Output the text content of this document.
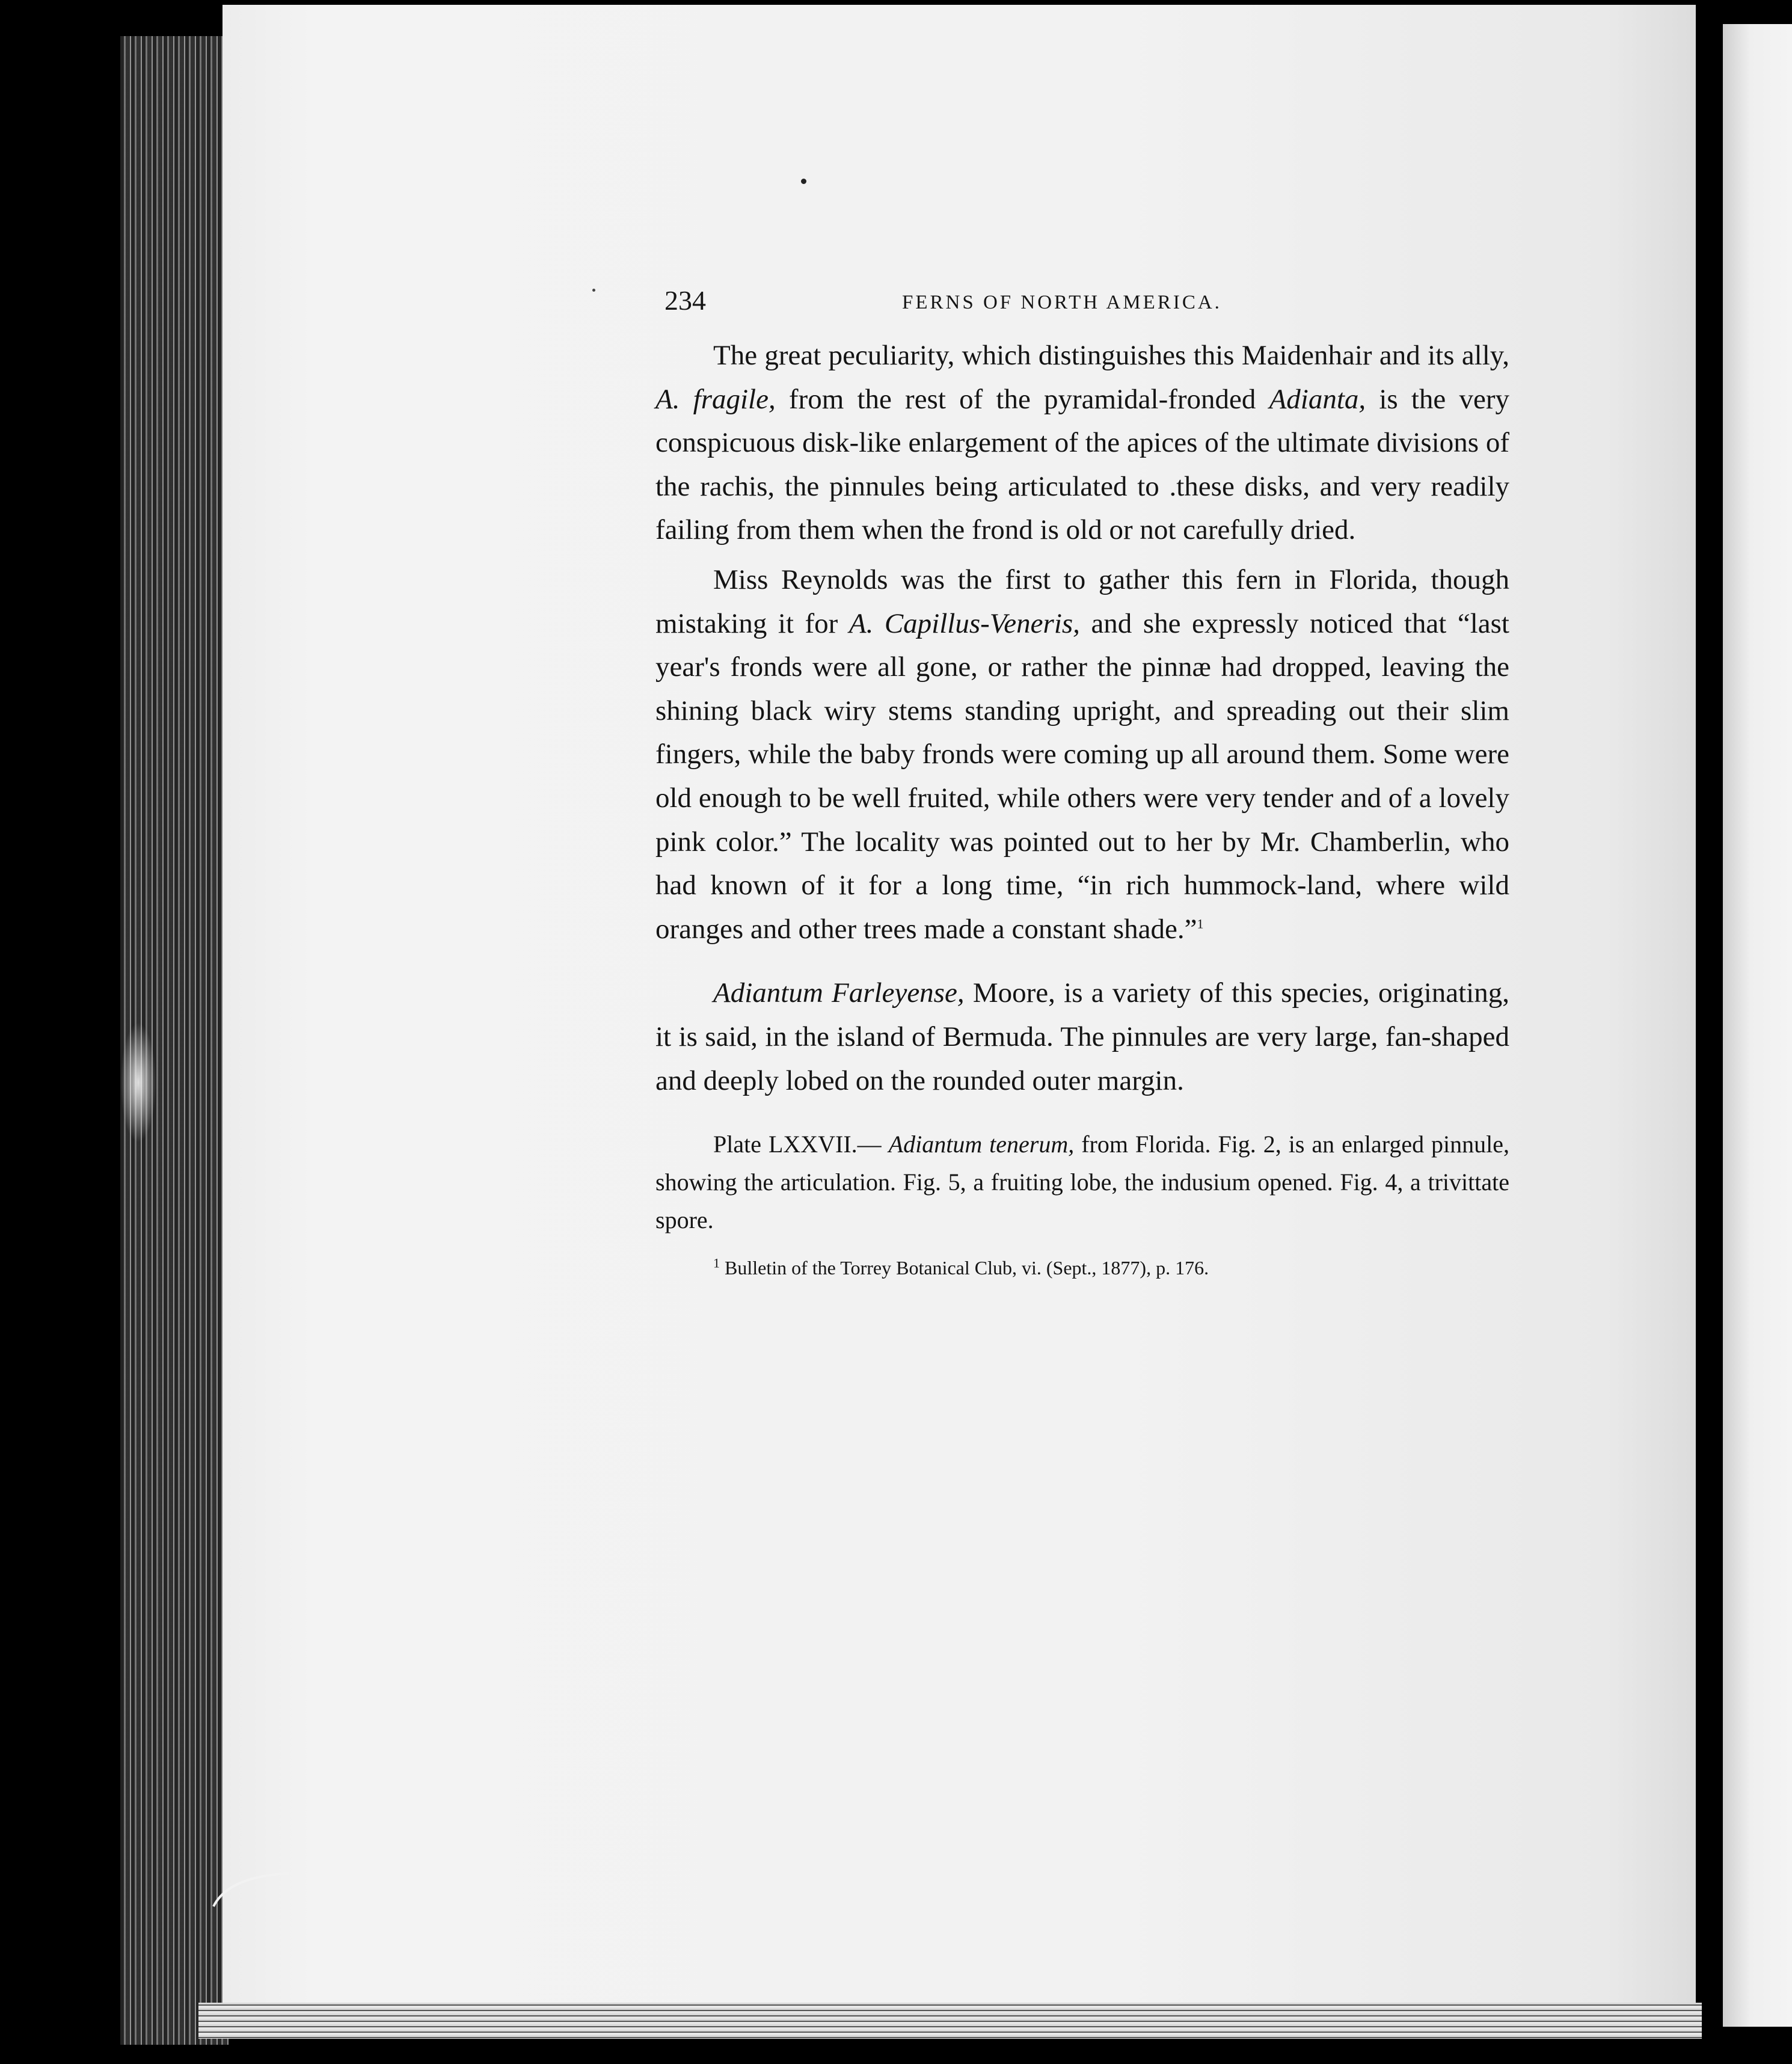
234	FERNS OF NORTH AMERICA.

The great peculiarity, which distinguishes this Maidenhair and its ally, A. fragile, from the rest of the pyramidal-fronded Adianta, is the very conspicuous disk-like enlargement of the apices of the ultimate divisions of the rachis, the pinnules being articulated to .these disks, and very readily failing from them when the frond is old or not carefully dried.

Miss Reynolds was the first to gather this fern in Florida, though mistaking it for A. Capillus-Veneris, and she expressly noticed that “last year's fronds were all gone, or rather the pinnæ had dropped, leaving the shining black wiry stems standing upright, and spreading out their slim fingers, while the baby fronds were coming up all around them. Some were old enough to be well fruited, while others were very tender and of a lovely pink color.” The locality was pointed out to her by Mr. Chamberlin, who had known of it for a long time, “in rich hummock-land, where wild oranges and other trees made a constant shade.”$^1$

Adiantum Farleyense, Moore, is a variety of this species, originating, it is said, in the island of Bermuda. The pinnules are very large, fan-shaped and deeply lobed on the rounded outer margin.

Plate LXXVII.— Adiantum tenerum, from Florida. Fig. 2, is an enlarged pinnule, showing the articulation. Fig. 5, a fruiting lobe, the indusium opened. Fig. 4, a trivittate spore.

$^1$ Bulletin of the Torrey Botanical Club, vi. (Sept., 1877), p. 176.
